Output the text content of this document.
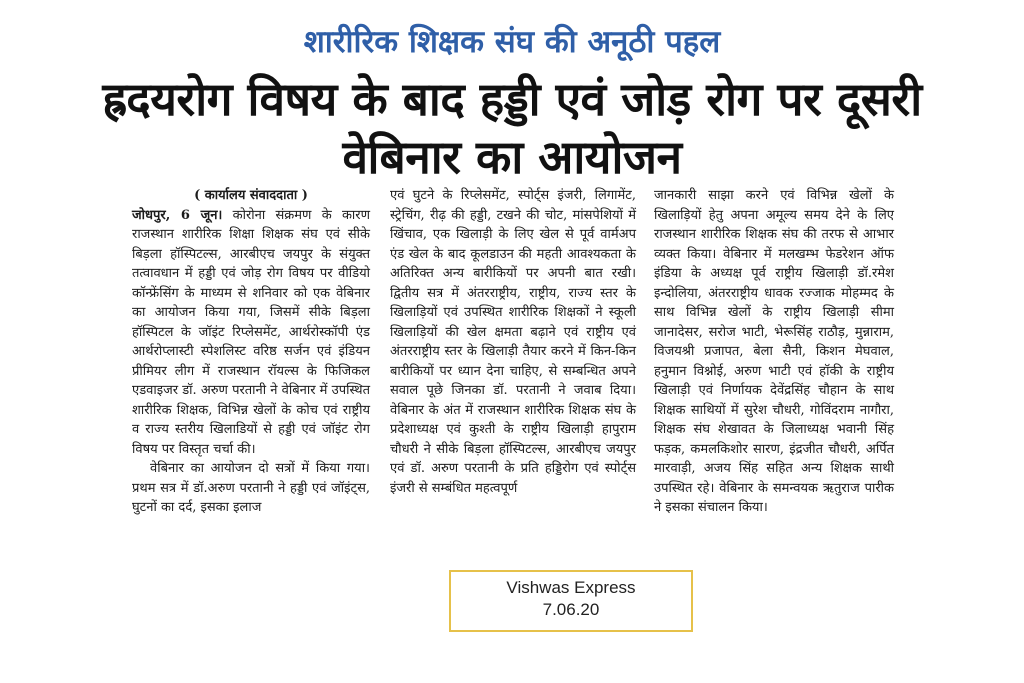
शारीरिक शिक्षक संघ की अनूठी पहल
ह्रदयरोग विषय के बाद हड्डी एवं जोड़ रोग पर दूसरी वेबिनार का आयोजन
( कार्यालय संवाददाता )

जोधपुर, 6 जून। कोरोना संक्रमण के कारण राजस्थान शारीरिक शिक्षा शिक्षक संघ एवं सीके बिड़ला हॉस्पिटल्स, आरबीएच जयपुर के संयुक्त तत्वावधान में हड्डी एवं जोड़ रोग विषय पर वीडियो कॉन्फ्रेंसिंग के माध्यम से शनिवार को एक वेबिनार का आयोजन किया गया, जिसमें सीके बिड़ला हॉस्पिटल के जॉइंट रिप्लेसमेंट, आर्थरोस्कॉपी एंड आर्थरोप्लास्टी स्पेशलिस्ट वरिष्ठ सर्जन एवं इंडियन प्रीमियर लीग में राजस्थान रॉयल्स के फिजिकल एडवाइजर डॉ. अरुण परतानी ने वेबिनार में उपस्थित शारीरिक शिक्षक, विभिन्न खेलों के कोच एवं राष्ट्रीय व राज्य स्तरीय खिलाडियों से हड्डी एवं जॉइंट रोग विषय पर विस्तृत चर्चा की।

वेबिनार का आयोजन दो सत्रों में किया गया। प्रथम सत्र में डॉ.अरुण परतानी ने हड्डी एवं जॉइंट्स, घुटनों का दर्द, इसका इलाज

एवं घुटने के रिप्लेसमेंट, स्पोर्ट्स इंजरी, लिगामेंट, स्ट्रेचिंग, रीढ़ की हड्डी, टखने की चोट, मांसपेशियों में खिंचाव, एक खिलाड़ी के लिए खेल से पूर्व वार्मअप एंड खेल के बाद कूलडाउन की महती आवश्यकता के अतिरिक्त अन्य बारीकियों पर अपनी बात रखी। द्वितीय सत्र में अंतरराष्ट्रीय, राष्ट्रीय, राज्य स्तर के खिलाड़ियों एवं उपस्थित शारीरिक शिक्षकों ने स्कूली खिलाड़ियों की खेल क्षमता बढ़ाने एवं राष्ट्रीय एवं अंतरराष्ट्रीय स्तर के खिलाड़ी तैयार करने में किन-किन बारीकियों पर ध्यान देना चाहिए, से सम्बन्धित अपने सवाल पूछे जिनका डॉ. परतानी ने जवाब दिया। वेबिनार के अंत में राजस्थान शारीरिक शिक्षक संघ के प्रदेशाध्यक्ष एवं कुश्ती के राष्ट्रीय खिलाड़ी हापुराम चौधरी ने सीके बिड़ला हॉस्पिटल्स, आरबीएच जयपुर एवं डॉ. अरुण परतानी के प्रति हड्डिरोग एवं स्पोर्ट्स इंजरी से सम्बंधित महत्वपूर्ण

जानकारी साझा करने एवं विभिन्न खेलों के खिलाड़ियों हेतु अपना अमूल्य समय देने के लिए राजस्थान शारीरिक शिक्षक संघ की तरफ से आभार व्यक्त किया। वेबिनार में मलखम्भ फेडरेशन ऑफ इंडिया के अध्यक्ष पूर्व राष्ट्रीय खिलाड़ी डॉ.रमेश इन्दोलिया, अंतरराष्ट्रीय धावक रज्जाक मोहम्मद के साथ विभिन्न खेलों के राष्ट्रीय खिलाड़ी सीमा जानादेसर, सरोज भाटी, भेरूसिंह राठौड़, मुन्नाराम, विजयश्री प्रजापत, बेला सैनी, किशन मेघवाल, हनुमान विश्नोई, अरुण भाटी एवं हॉकी के राष्ट्रीय खिलाड़ी एवं निर्णायक देवेंद्रसिंह चौहान के साथ शिक्षक साथियों में सुरेश चौधरी, गोविंदराम नागौरा, शिक्षक संघ शेखावत के जिलाध्यक्ष भवानी सिंह फड़क, कमलकिशोर सारण, इंद्रजीत चौधरी, अर्पित मारवाड़ी, अजय सिंह सहित अन्य शिक्षक साथी उपस्थित रहे। वेबिनार के समन्वयक ऋतुराज पारीक ने इसका संचालन किया।

Vishwas Express
7.06.20
